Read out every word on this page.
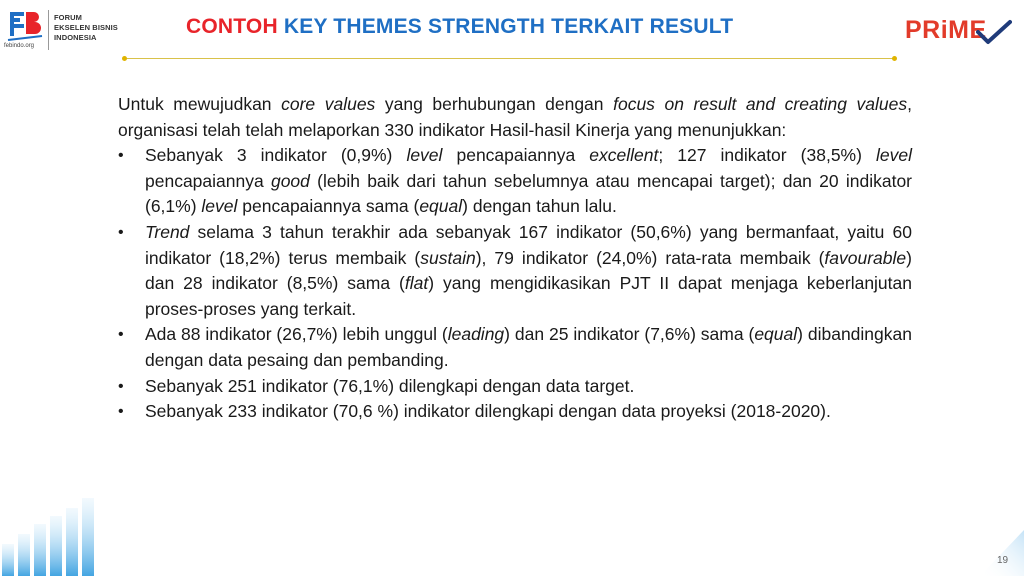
febindo.org
FORUM
EKSELEN BISNIS
INDONESIA	CONTOH KEY THEMES STRENGTH TERKAIT RESULT	PRiME

Untuk mewujudkan core values yang berhubungan dengan focus on result and creating values, organisasi telah telah melaporkan 330 indikator Hasil-hasil Kinerja yang menunjukkan:

•	Sebanyak 3 indikator (0,9%) level pencapaiannya excellent; 127 indikator (38,5%) level pencapaiannya good (lebih baik dari tahun sebelumnya atau mencapai target); dan 20 indikator (6,1%) level pencapaiannya sama (equal) dengan tahun lalu.
•	Trend selama 3 tahun terakhir ada sebanyak 167 indikator (50,6%) yang bermanfaat, yaitu 60 indikator (18,2%) terus membaik (sustain), 79 indikator (24,0%) rata-rata membaik (favourable) dan 28 indikator (8,5%) sama (flat) yang mengidikasikan PJT II dapat menjaga keberlanjutan proses-proses yang terkait.
•	Ada 88 indikator (26,7%) lebih unggul (leading) dan 25 indikator (7,6%) sama (equal) dibandingkan dengan data pesaing dan pembanding.
•	Sebanyak 251 indikator (76,1%) dilengkapi dengan data target.
•	Sebanyak 233 indikator (70,6 %) indikator dilengkapi dengan data proyeksi (2018-2020).
19
